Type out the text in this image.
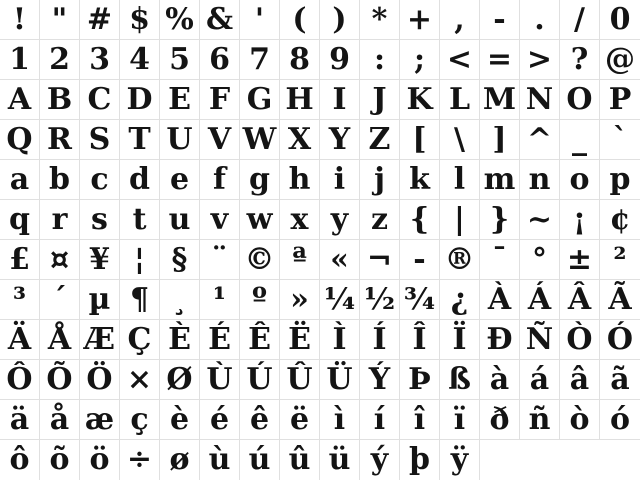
! " # $ % & ' ( ) * + , - . / 0
1 2 3 4 5 6 7 8 9 : ; < = > ? @
A B C D E F G H I J K L M N O P
Q R S T U V W X Y Z [ \ ] ^ _ `
a b c d e f g h i j k l m n o p
q r s t u v w x y z { | } ~ ¡ ¢
£ ¤ ¥ ¦ § ¨ © ª « ¬ - ® ¯ ° ± ²
³ ´ µ ¶ ¸ ¹ º » ¼ ½ ¾ ¿ À Á Â Ã
Ä Å Æ Ç È É Ê Ë Ì Í Î Ï Ð Ñ Ò Ó
Ô Õ Ö × Ø Ù Ú Û Ü Ý Þ ß à á â ã
ä å æ ç è é ê ë ì í î ï ð ñ ò ó
ô õ ö ÷ ø ù ú û ü ý þ ÿ
